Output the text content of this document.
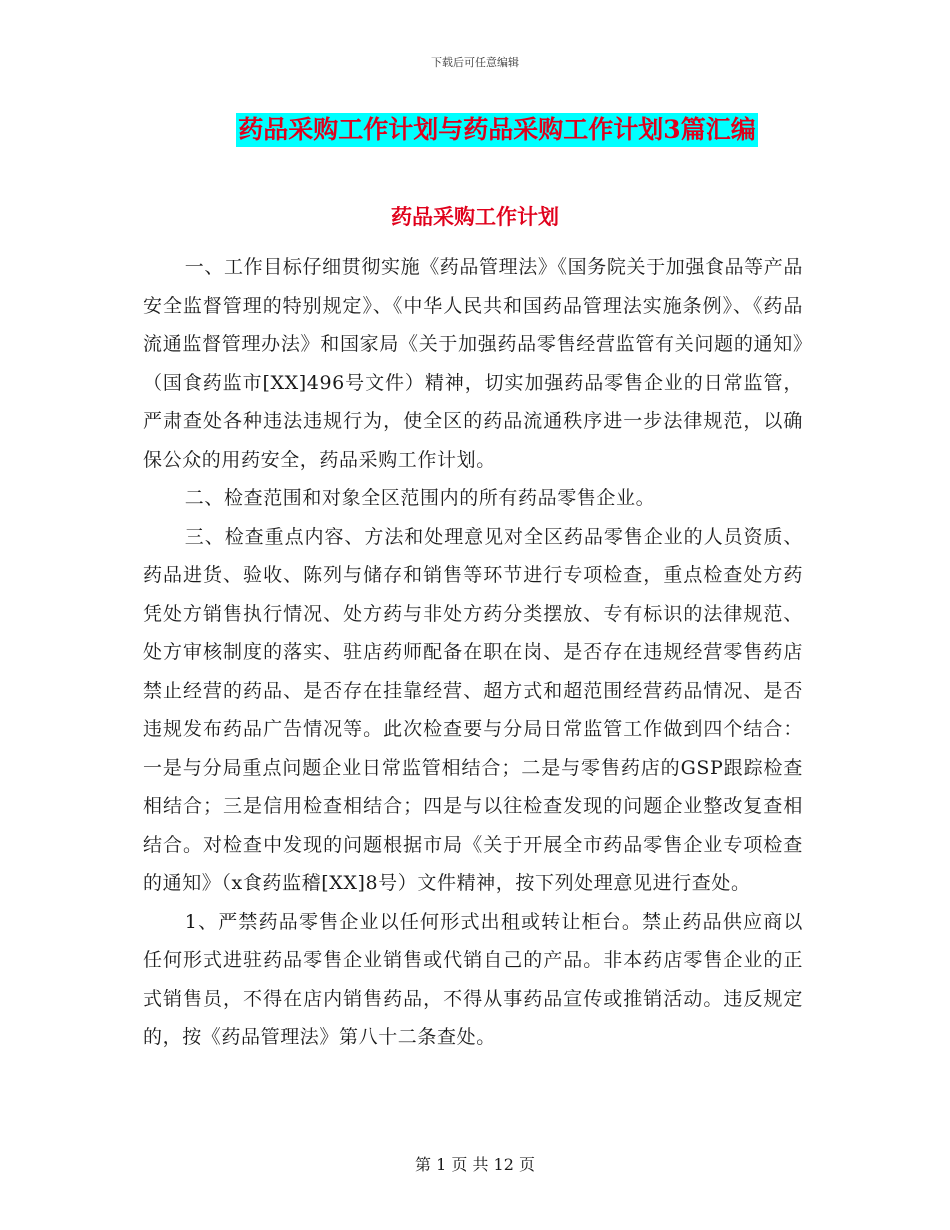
下载后可任意编辑
药品采购工作计划与药品采购工作计划3篇汇编
药品采购工作计划

一、工作目标仔细贯彻实施《药品管理法》《国务院关于加强食品等产品安全监督管理的特别规定》、《中华人民共和国药品管理法实施条例》、《药品流通监督管理办法》和国家局《关于加强药品零售经营监管有关问题的通知》（国食药监市[XX]496号文件）精神，切实加强药品零售企业的日常监管，严肃查处各种违法违规行为，使全区的药品流通秩序进一步法律规范，以确保公众的用药安全，药品采购工作计划。

二、检查范围和对象全区范围内的所有药品零售企业。

三、检查重点内容、方法和处理意见对全区药品零售企业的人员资质、药品进货、验收、陈列与储存和销售等环节进行专项检查，重点检查处方药凭处方销售执行情况、处方药与非处方药分类摆放、专有标识的法律规范、处方审核制度的落实、驻店药师配备在职在岗、是否存在违规经营零售药店禁止经营的药品、是否存在挂靠经营、超方式和超范围经营药品情况、是否违规发布药品广告情况等。此次检查要与分局日常监管工作做到四个结合：一是与分局重点问题企业日常监管相结合；二是与零售药店的GSP跟踪检查相结合；三是信用检查相结合；四是与以往检查发现的问题企业整改复查相结合。对检查中发现的问题根据市局《关于开展全市药品零售企业专项检查的通知》（x食药监稽[XX]8号）文件精神，按下列处理意见进行查处。

1、严禁药品零售企业以任何形式出租或转让柜台。禁止药品供应商以任何形式进驻药品零售企业销售或代销自己的产品。非本药店零售企业的正式销售员，不得在店内销售药品，不得从事药品宣传或推销活动。违反规定的，按《药品管理法》第八十二条查处。

第 1 页 共 12 页
